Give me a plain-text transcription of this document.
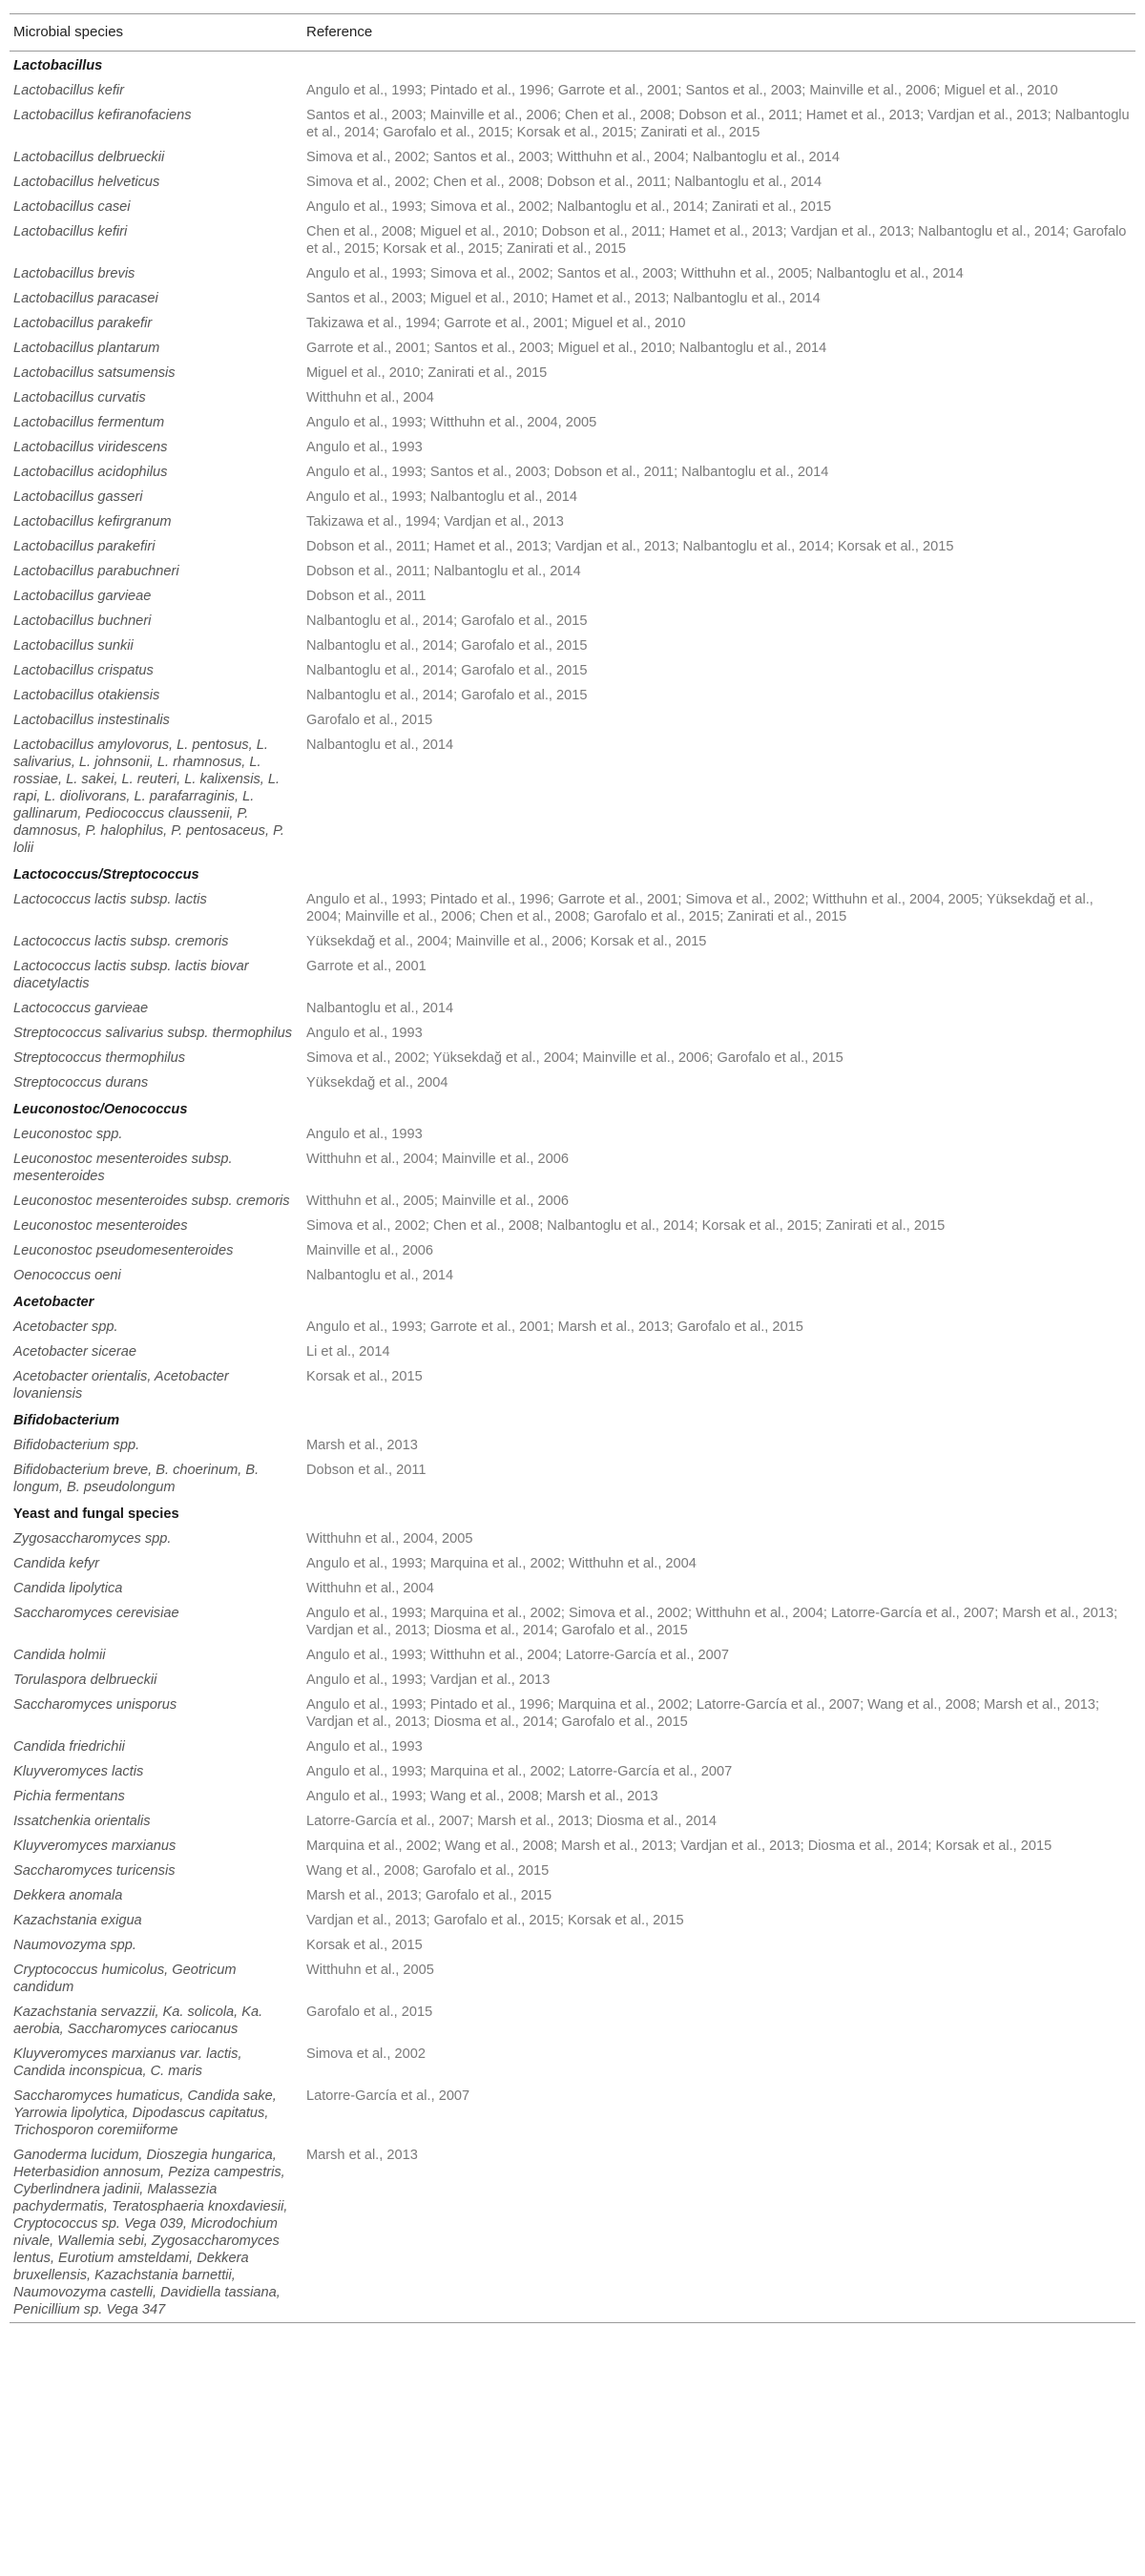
Microbial species	Reference
Lactobacillus	
Lactobacillus kefir	Angulo et al., 1993; Pintado et al., 1996; Garrote et al., 2001; Santos et al., 2003; Mainville et al., 2006; Miguel et al., 2010
Lactobacillus kefiranofaciens	Santos et al., 2003; Mainville et al., 2006; Chen et al., 2008; Dobson et al., 2011; Hamet et al., 2013; Vardjan et al., 2013; Nalbantoglu et al., 2014; Garofalo et al., 2015; Korsak et al., 2015; Zanirati et al., 2015
Lactobacillus delbrueckii	Simova et al., 2002; Santos et al., 2003; Witthuhn et al., 2004; Nalbantoglu et al., 2014
Lactobacillus helveticus	Simova et al., 2002; Chen et al., 2008; Dobson et al., 2011; Nalbantoglu et al., 2014
Lactobacillus casei	Angulo et al., 1993; Simova et al., 2002; Nalbantoglu et al., 2014; Zanirati et al., 2015
Lactobacillus kefiri	Chen et al., 2008; Miguel et al., 2010; Dobson et al., 2011; Hamet et al., 2013; Vardjan et al., 2013; Nalbantoglu et al., 2014; Garofalo et al., 2015; Korsak et al., 2015; Zanirati et al., 2015
Lactobacillus brevis	Angulo et al., 1993; Simova et al., 2002; Santos et al., 2003; Witthuhn et al., 2005; Nalbantoglu et al., 2014
Lactobacillus paracasei	Santos et al., 2003; Miguel et al., 2010; Hamet et al., 2013; Nalbantoglu et al., 2014
Lactobacillus parakefir	Takizawa et al., 1994; Garrote et al., 2001; Miguel et al., 2010
Lactobacillus plantarum	Garrote et al., 2001; Santos et al., 2003; Miguel et al., 2010; Nalbantoglu et al., 2014
Lactobacillus satsumensis	Miguel et al., 2010; Zanirati et al., 2015
Lactobacillus curvatis	Witthuhn et al., 2004
Lactobacillus fermentum	Angulo et al., 1993; Witthuhn et al., 2004, 2005
Lactobacillus viridescens	Angulo et al., 1993
Lactobacillus acidophilus	Angulo et al., 1993; Santos et al., 2003; Dobson et al., 2011; Nalbantoglu et al., 2014
Lactobacillus gasseri	Angulo et al., 1993; Nalbantoglu et al., 2014
Lactobacillus kefirgranum	Takizawa et al., 1994; Vardjan et al., 2013
Lactobacillus parakefiri	Dobson et al., 2011; Hamet et al., 2013; Vardjan et al., 2013; Nalbantoglu et al., 2014; Korsak et al., 2015
Lactobacillus parabuchneri	Dobson et al., 2011; Nalbantoglu et al., 2014
Lactobacillus garvieae	Dobson et al., 2011
Lactobacillus buchneri	Nalbantoglu et al., 2014; Garofalo et al., 2015
Lactobacillus sunkii	Nalbantoglu et al., 2014; Garofalo et al., 2015
Lactobacillus crispatus	Nalbantoglu et al., 2014; Garofalo et al., 2015
Lactobacillus otakiensis	Nalbantoglu et al., 2014; Garofalo et al., 2015
Lactobacillus instestinalis	Garofalo et al., 2015
Lactobacillus amylovorus, L. pentosus, L. salivarius, L. johnsonii, L. rhamnosus, L. rossiae, L. sakei, L. reuteri, L. kalixensis, L. rapi, L. diolivorans, L. parafarraginis, L. gallinarum, Pediococcus claussenii, P. damnosus, P. halophilus, P. pentosaceus, P. lolii	Nalbantoglu et al., 2014
Lactococcus/Streptococcus	
Lactococcus lactis subsp. lactis	Angulo et al., 1993; Pintado et al., 1996; Garrote et al., 2001; Simova et al., 2002; Witthuhn et al., 2004, 2005; Yüksekdağ et al., 2004; Mainville et al., 2006; Chen et al., 2008; Garofalo et al., 2015; Zanirati et al., 2015
Lactococcus lactis subsp. cremoris	Yüksekdağ et al., 2004; Mainville et al., 2006; Korsak et al., 2015
Lactococcus lactis subsp. lactis biovar diacetylactis	Garrote et al., 2001
Lactococcus garvieae	Nalbantoglu et al., 2014
Streptococcus salivarius subsp. thermophilus	Angulo et al., 1993
Streptococcus thermophilus	Simova et al., 2002; Yüksekdağ et al., 2004; Mainville et al., 2006; Garofalo et al., 2015
Streptococcus durans	Yüksekdağ et al., 2004
Leuconostoc/Oenococcus	
Leuconostoc spp.	Angulo et al., 1993
Leuconostoc mesenteroides subsp. mesenteroides	Witthuhn et al., 2004; Mainville et al., 2006
Leuconostoc mesenteroides subsp. cremoris	Witthuhn et al., 2005; Mainville et al., 2006
Leuconostoc mesenteroides	Simova et al., 2002; Chen et al., 2008; Nalbantoglu et al., 2014; Korsak et al., 2015; Zanirati et al., 2015
Leuconostoc pseudomesenteroides	Mainville et al., 2006
Oenococcus oeni	Nalbantoglu et al., 2014
Acetobacter	
Acetobacter spp.	Angulo et al., 1993; Garrote et al., 2001; Marsh et al., 2013; Garofalo et al., 2015
Acetobacter sicerae	Li et al., 2014
Acetobacter orientalis, Acetobacter lovaniensis	Korsak et al., 2015
Bifidobacterium	
Bifidobacterium spp.	Marsh et al., 2013
Bifidobacterium breve, B. choerinum, B. longum, B. pseudolongum	Dobson et al., 2011
Yeast and fungal species	
Zygosaccharomyces spp.	Witthuhn et al., 2004, 2005
Candida kefyr	Angulo et al., 1993; Marquina et al., 2002; Witthuhn et al., 2004
Candida lipolytica	Witthuhn et al., 2004
Saccharomyces cerevisiae	Angulo et al., 1993; Marquina et al., 2002; Simova et al., 2002; Witthuhn et al., 2004; Latorre-García et al., 2007; Marsh et al., 2013; Vardjan et al., 2013; Diosma et al., 2014; Garofalo et al., 2015
Candida holmii	Angulo et al., 1993; Witthuhn et al., 2004; Latorre-García et al., 2007
Torulaspora delbrueckii	Angulo et al., 1993; Vardjan et al., 2013
Saccharomyces unisporus	Angulo et al., 1993; Pintado et al., 1996; Marquina et al., 2002; Latorre-García et al., 2007; Wang et al., 2008; Marsh et al., 2013; Vardjan et al., 2013; Diosma et al., 2014; Garofalo et al., 2015
Candida friedrichii	Angulo et al., 1993
Kluyveromyces lactis	Angulo et al., 1993; Marquina et al., 2002; Latorre-García et al., 2007
Pichia fermentans	Angulo et al., 1993; Wang et al., 2008; Marsh et al., 2013
Issatchenkia orientalis	Latorre-García et al., 2007; Marsh et al., 2013; Diosma et al., 2014
Kluyveromyces marxianus	Marquina et al., 2002; Wang et al., 2008; Marsh et al., 2013; Vardjan et al., 2013; Diosma et al., 2014; Korsak et al., 2015
Saccharomyces turicensis	Wang et al., 2008; Garofalo et al., 2015
Dekkera anomala	Marsh et al., 2013; Garofalo et al., 2015
Kazachstania exigua	Vardjan et al., 2013; Garofalo et al., 2015; Korsak et al., 2015
Naumovozyma spp.	Korsak et al., 2015
Cryptococcus humicolus, Geotricum candidum	Witthuhn et al., 2005
Kazachstania servazzii, Ka. solicola, Ka. aerobia, Saccharomyces cariocanus	Garofalo et al., 2015
Kluyveromyces marxianus var. lactis, Candida inconspicua, C. maris	Simova et al., 2002
Saccharomyces humaticus, Candida sake, Yarrowia lipolytica, Dipodascus capitatus, Trichosporon coremiiforme	Latorre-García et al., 2007
Ganoderma lucidum, Dioszegia hungarica, Heterbasidion annosum, Peziza campestris, Cyberlindnera jadinii, Malassezia pachydermatis, Teratosphaeria knoxdaviesii, Cryptococcus sp. Vega 039, Microdochium nivale, Wallemia sebi, Zygosaccharomyces lentus, Eurotium amsteldami, Dekkera bruxellensis, Kazachstania barnettii, Naumovozyma castelli, Davidiella tassiana, Penicillium sp. Vega 347	Marsh et al., 2013
